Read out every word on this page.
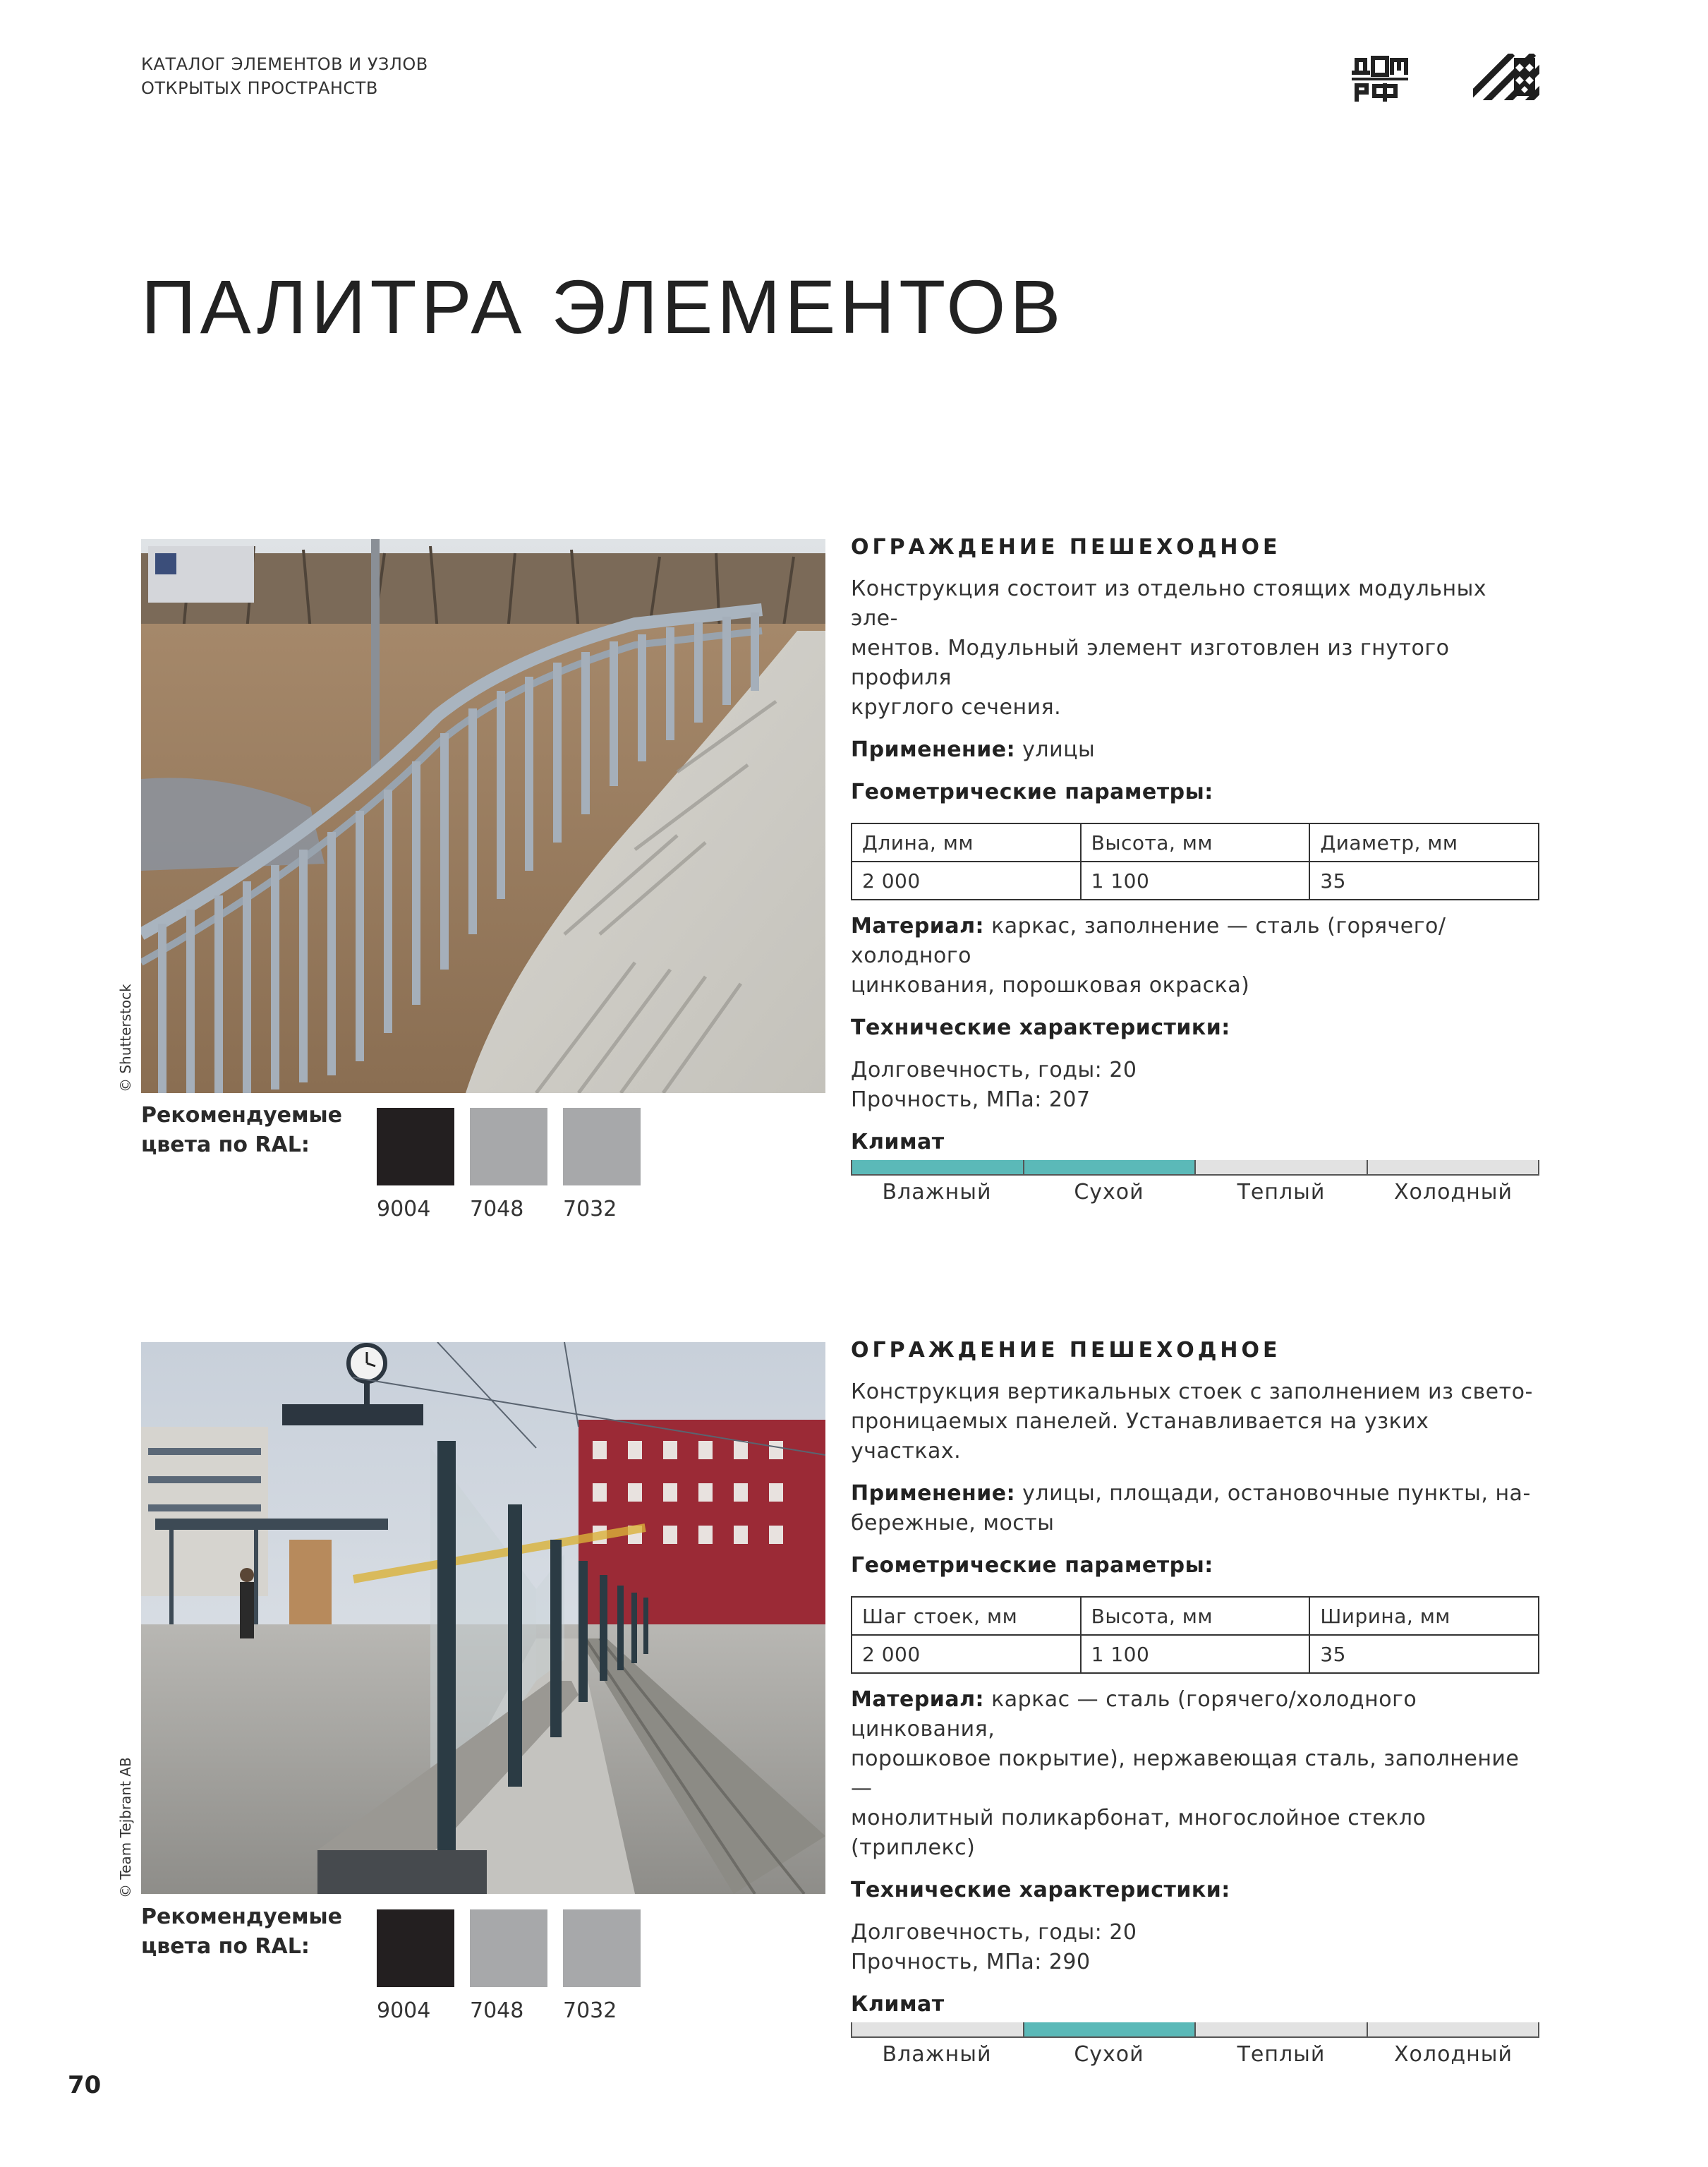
КАТАЛОГ ЭЛЕМЕНТОВ И УЗЛОВ
ОТКРЫТЫХ ПРОСТРАНСТВ
ПАЛИТРА ЭЛЕМЕНТОВ
© Shutterstock
Рекомендуемые
цвета по RAL:
9004	7048	7032
ОГРАЖДЕНИЕ ПЕШЕХОДНОЕ

Конструкция состоит из отдельно стоящих модульных эле-
ментов. Модульный элемент изготовлен из гнутого профиля
круглого сечения.

Применение: улицы

Геометрические параметры:

Длина, мм	Высота, мм	Диаметр, мм
2 000	1 100	35

Материал: каркас, заполнение — сталь (горячего/холодного
цинкования, порошковая окраска)

Технические характеристики:

Долговечность, годы: 20

Прочность, МПа: 207

Климат

Влажный	Сухой	Теплый	Холодный
© Team Tejbrant AB
Рекомендуемые
цвета по RAL:
9004	7048	7032
ОГРАЖДЕНИЕ ПЕШЕХОДНОЕ

Конструкция вертикальных стоек с заполнением из свето-
проницаемых панелей. Устанавливается на узких участках.

Применение: улицы, площади, остановочные пункты, на-
бережные, мосты

Геометрические параметры:

Шаг стоек, мм	Высота, мм	Ширина, мм
2 000	1 100	35

Материал: каркас — сталь (горячего/холодного цинкования,
порошковое покрытие), нержавеющая сталь, заполнение —
монолитный поликарбонат, многослойное стекло (триплекс)

Технические характеристики:

Долговечность, годы: 20

Прочность, МПа: 290

Климат

Влажный	Сухой	Теплый	Холодный
70
